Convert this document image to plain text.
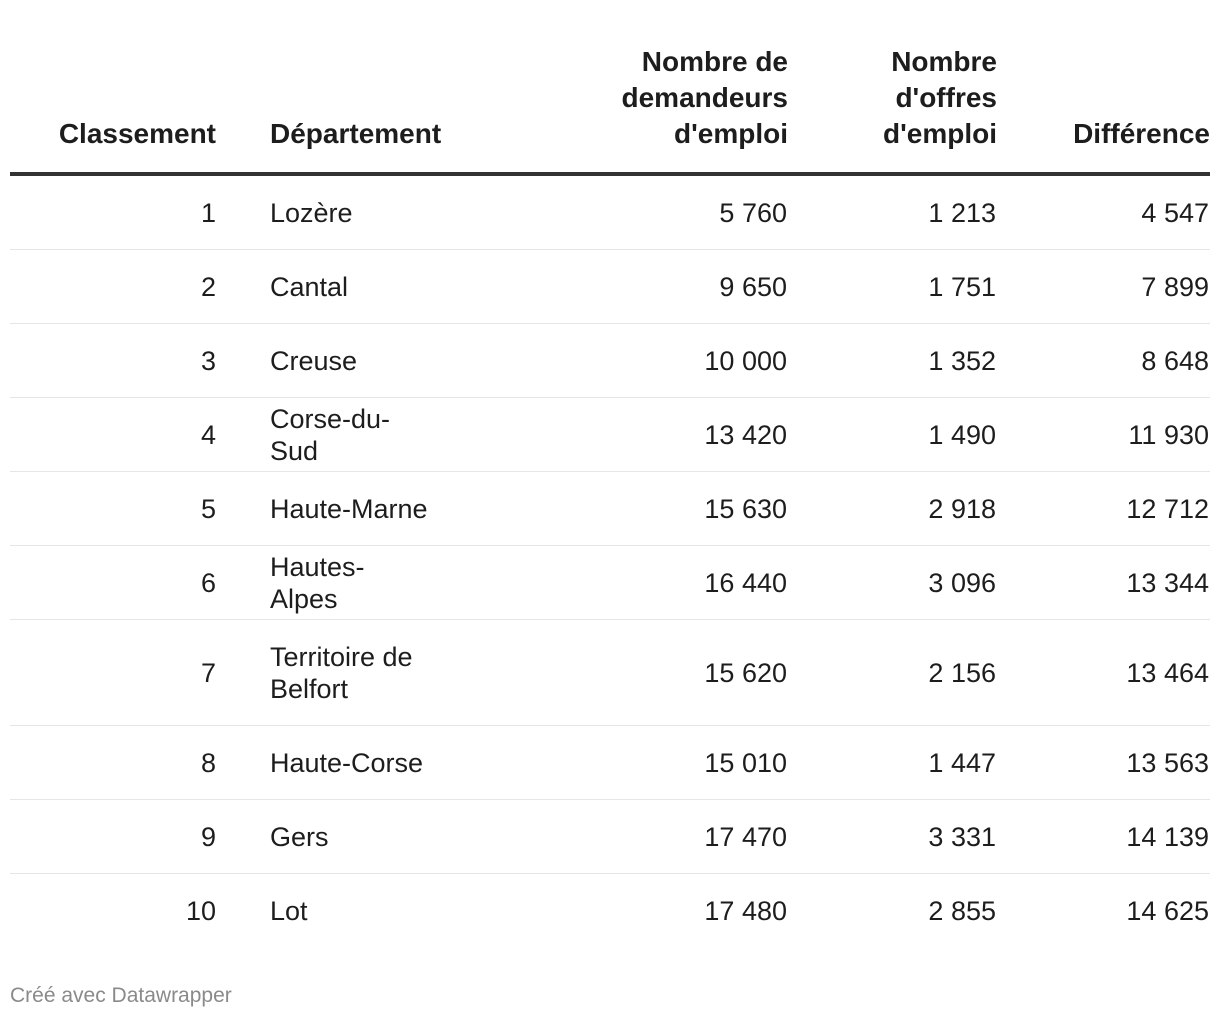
Classement	Département	Nombre de demandeurs d'emploi	Nombre d'offres d'emploi	Différence
1	Lozère	5 760	1 213	4 547
2	Cantal	9 650	1 751	7 899
3	Creuse	10 000	1 352	8 648
4	Corse-du-Sud	13 420	1 490	11 930
5	Haute-Marne	15 630	2 918	12 712
6	Hautes-Alpes	16 440	3 096	13 344
7	Territoire de Belfort	15 620	2 156	13 464
8	Haute-Corse	15 010	1 447	13 563
9	Gers	17 470	3 331	14 139
10	Lot	17 480	2 855	14 625
Créé avec Datawrapper
